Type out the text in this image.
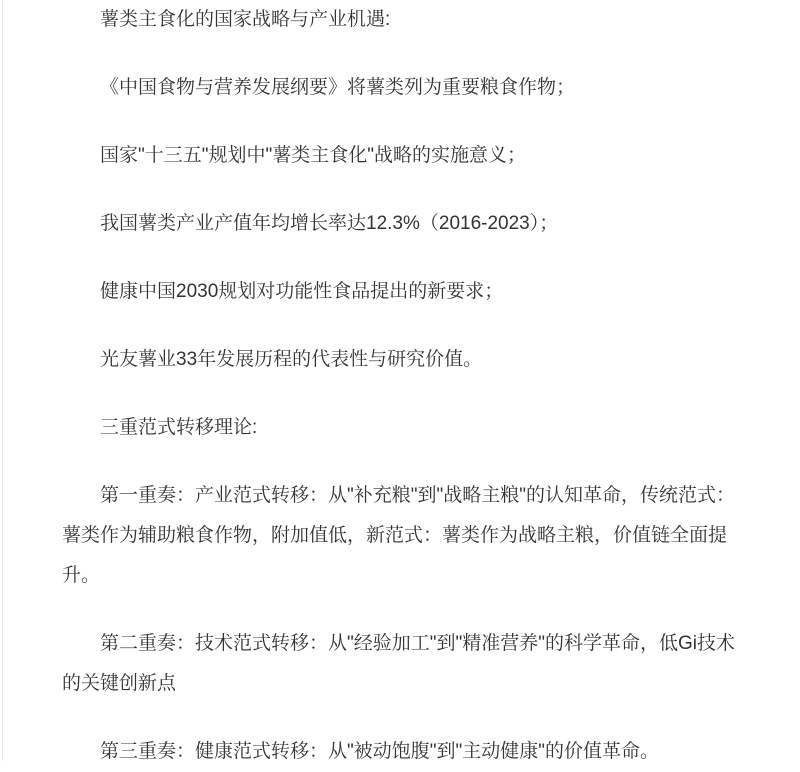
薯类主食化的国家战略与产业机遇:

《中国食物与营养发展纲要》将薯类列为重要粮食作物；

国家"十三五"规划中"薯类主食化"战略的实施意义；

我国薯类产业产值年均增长率达12.3%（2016-2023）；

健康中国2030规划对功能性食品提出的新要求；

光友薯业33年发展历程的代表性与研究价值。

三重范式转移理论:

第一重奏：产业范式转移：从"补充粮"到"战略主粮"的认知革命，传统范式：薯类作为辅助粮食作物，附加值低，新范式：薯类作为战略主粮，价值链全面提升。

第二重奏：技术范式转移：从"经验加工"到"精准营养"的科学革命，低Gi技术的关键创新点

第三重奏：健康范式转移：从"被动饱腹"到"主动健康"的价值革命。
